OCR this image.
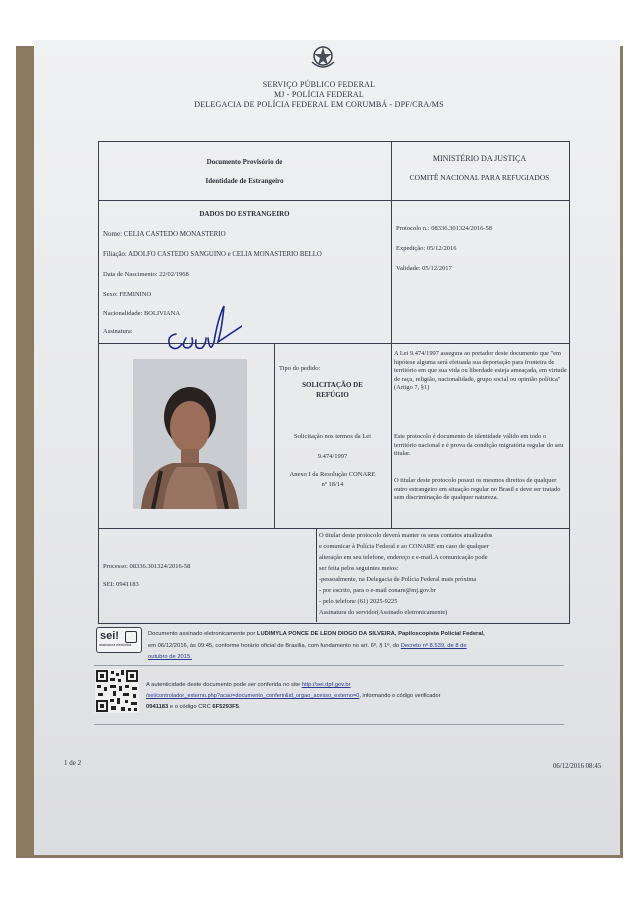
SERVIÇO PÚBLICO FEDERAL
MJ - POLÍCIA FEDERAL
DELEGACIA DE POLÍCIA FEDERAL EM CORUMBÁ - DPF/CRA/MS
Documento Provisório de
Identidade de Estrangeiro
MINISTÉRIO DA JUSTIÇA
COMITÊ NACIONAL PARA REFUGIADOS
DADOS DO ESTRANGEIRO
Nome: CELIA CASTEDO MONASTERIO
Filiação: ADOLFO CASTEDO SANGUINO e CELIA MONASTERIO BELLO
Data de Nascimento: 22/02/1968
Sexo: FEMININO
Nacionalidade: BOLIVIANA
Assinatura:
Protocolo n.: 08336.301324/2016-58
Expedição: 05/12/2016
Validade: 05/12/2017
Tipo do pedido:
SOLICITAÇÃO DE
REFÚGIO
Solicitação nos termos da Lei
9.474/1997
Anexo I da Resolução CONARE
nº 18/14
A Lei 9.474/1997 assegura ao portador deste documento que "em hipótese alguma será efetuada sua deportação para fronteira de território em que sua vida ou liberdade esteja ameaçada, em virtude de raça, religião, nacionalidade, grupo social ou opinião política" (Artigo 7, §1)
Este protocolo é documento de identidade válido em todo o território nacional e é prova da condição migratória regular do seu titular.
O titular deste protocolo possui os mesmos direitos de qualquer outro estrangeiro em situação regular no Brasil e deve ser tratado sem discriminação de qualquer natureza.
Processo: 08336.301324/2016-58
SEI: 0941183
O titular deste protocolo deverá manter os seus contatos atualizados
e comunicar à Polícia Federal e ao CONARE em caso de qualquer
alteração em seu telefone, endereço e e-mail.A comunicação pode
ser feita pelos seguintes meios:
-pessoalmente, na Delegacia de Polícia Federal mais próxima
- por escrito, para o e-mail conare@mj.gov.br
- pelo telefone (61) 2025-9225
Assinatura do servidor(Assinado eletronicamente)
sei!
assinatura eletrônica
Documento assinado eletronicamente por LUDIMYLA PONCE DE LEON DIOGO DA SILVEIRA, Papiloscopista Policial Federal,
em 06/12/2016, às 09:45, conforme horário oficial de Brasília, com fundamento no art. 6º, § 1º, do Decreto nº 8.539, de 8 de
outubro de 2015.
A autenticidade deste documento pode ser conferida no site http://sei.dpf.gov.br
/sei/controlador_externo.php?acao=documento_conferir&id_orgao_acesso_externo=0, informando o código verificador
0941183 e o código CRC 6F5293F5.
1 de 2	06/12/2016 08:45
